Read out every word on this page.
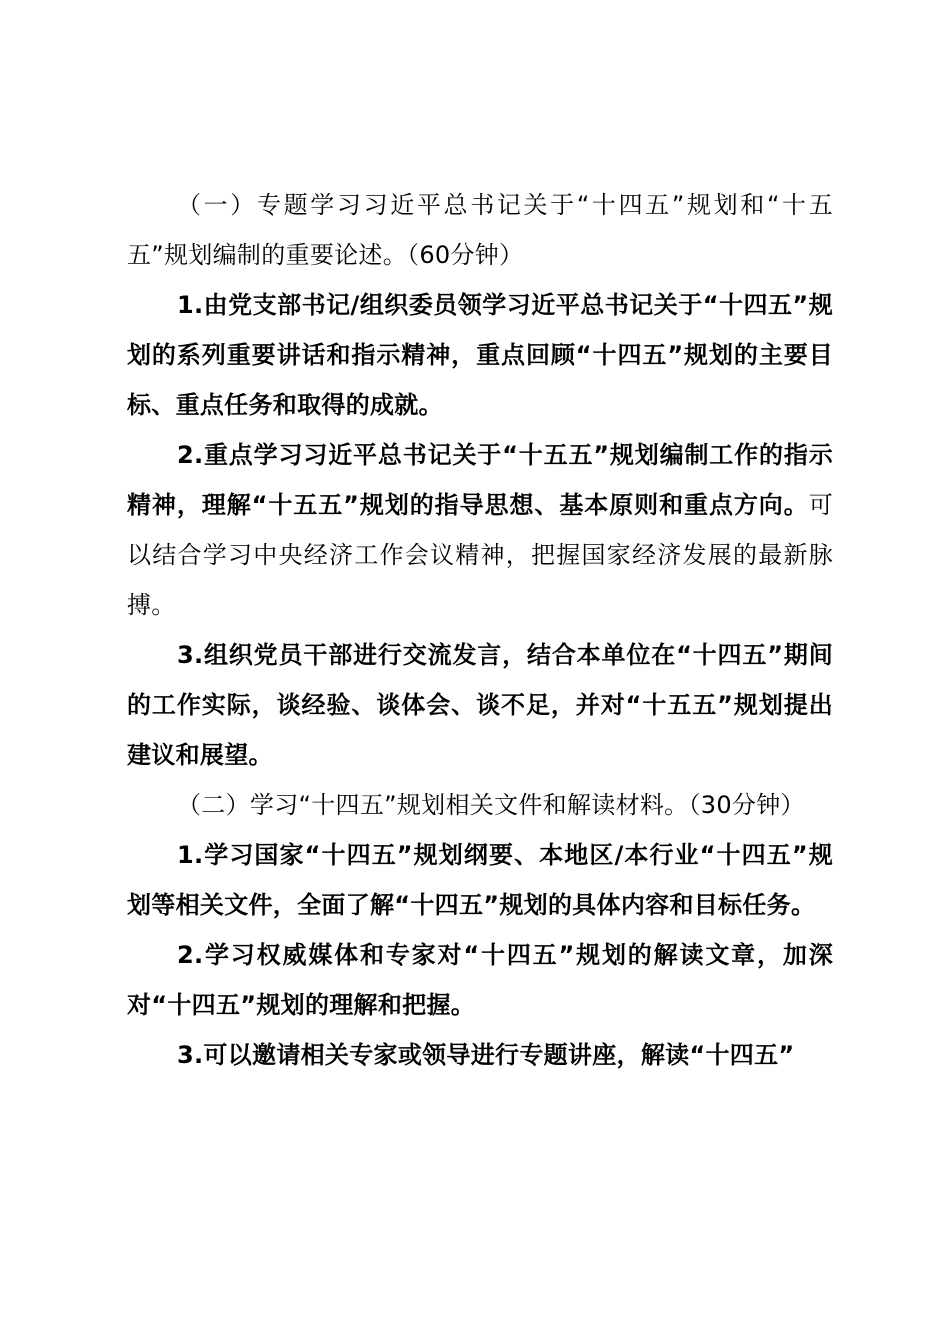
（一）专题学习习近平总书记关于“十四五”规划和“十五五”规划编制的重要论述。（60分钟）

1.由党支部书记/组织委员领学习近平总书记关于“十四五”规划的系列重要讲话和指示精神，重点回顾“十四五”规划的主要目标、重点任务和取得的成就。

2.重点学习习近平总书记关于“十五五”规划编制工作的指示精神，理解“十五五”规划的指导思想、基本原则和重点方向。可以结合学习中央经济工作会议精神，把握国家经济发展的最新脉搏。

3.组织党员干部进行交流发言，结合本单位在“十四五”期间的工作实际，谈经验、谈体会、谈不足，并对“十五五”规划提出建议和展望。

（二）学习“十四五”规划相关文件和解读材料。（30分钟）

1.学习国家“十四五”规划纲要、本地区/本行业“十四五”规划等相关文件，全面了解“十四五”规划的具体内容和目标任务。

2.学习权威媒体和专家对“十四五”规划的解读文章，加深对“十四五”规划的理解和把握。

3.可以邀请相关专家或领导进行专题讲座，解读“十四五”
